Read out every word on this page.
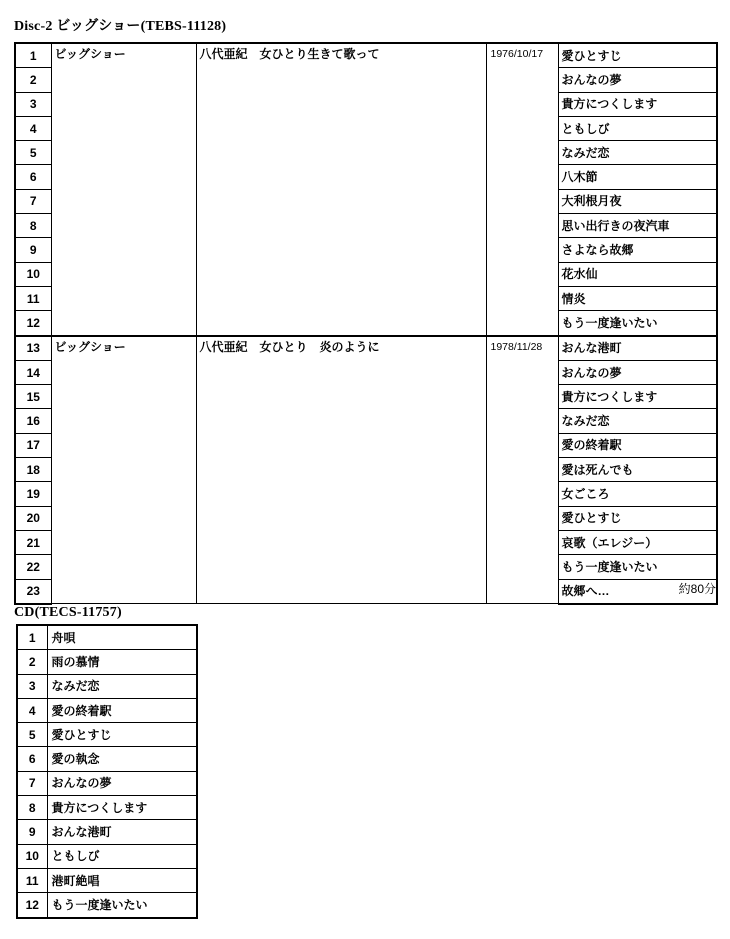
Disc-2 ビッグショー(TEBS-11128)
1	ビッグショー	八代亜紀　女ひとり生きて歌って	1976/10/17	愛ひとすじ
2				おんなの夢
3				貴方につくします
4				ともしび
5				なみだ恋
6				八木節
7				大利根月夜
8				思い出行きの夜汽車
9				さよなら故郷
10				花水仙
11				情炎
12				もう一度逢いたい
13	ビッグショー	八代亜紀　女ひとり　炎のように	1978/11/28	おんな港町
14				おんなの夢
15				貴方につくします
16				なみだ恋
17				愛の終着駅
18				愛は死んでも
19				女ごころ
20				愛ひとすじ
21				哀歌（エレジー）
22				もう一度逢いたい
23				故郷へ…	約80分
CD(TECS-11757)
1	舟唄
2	雨の慕情
3	なみだ恋
4	愛の終着駅
5	愛ひとすじ
6	愛の執念
7	おんなの夢
8	貴方につくします
9	おんな港町
10	ともしび
11	港町絶唱
12	もう一度逢いたい
